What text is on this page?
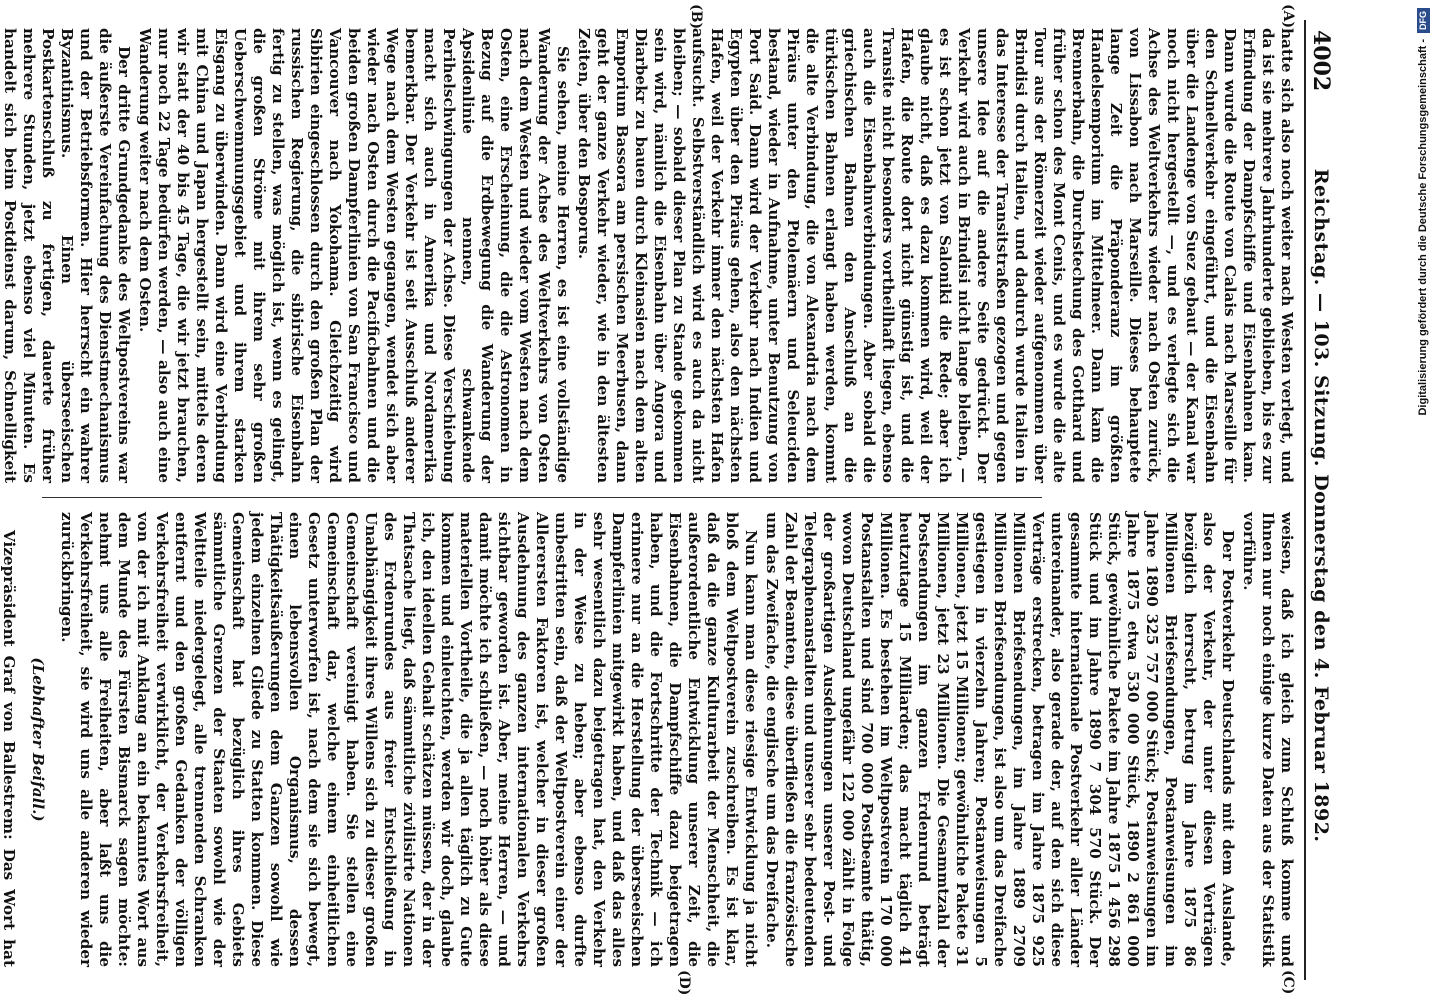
4002
Reichstag. — 103. Sitzung. Donnerstag den 4. Februar 1892.
(A)
(B)
(C)
(D)

hatte sich also noch weiter nach Westen verlegt, und da ist sie mehrere Jahrhunderte geblieben, bis es zur Erfindung der Dampfschiffe und Eisenbahnen kam. Dann wurde die Route von Calais nach Marseille für den Schnellverkehr eingeführt, und die Eisenbahn über die Landenge von Suez gebaut — der Kanal war noch nicht hergestellt —, und es verlegte sich die Achse des Weltverkehrs wieder nach Osten zurück, von Lissabon nach Marseille. Dieses behauptete lange Zeit die Präponderanz im größten Handelsemporium im Mittelmeer. Dann kam die Brennerbahn, die Durchstechung des Gotthard und früher schon des Mont Cenis, und es wurde die alte Tour aus der Römerzeit wieder aufgenommen über Brindisi durch Italien, und dadurch wurde Italien in das Interesse der Transitstraßen gezogen und gegen unsere Idee auf die andere Seite gedrückt. Der Verkehr wird auch in Brindisi nicht lange bleiben, — es ist schon jetzt von Saloniki die Rede; aber ich glaube nicht, daß es dazu kommen wird, weil der Hafen, die Route dort nicht günstig ist, und die Transite nicht besonders vortheilhaft liegen, ebenso auch die Eisenbahnverbindungen. Aber sobald die griechischen Bahnen den Anschluß an die türkischen Bahnen erlangt haben werden, kommt die alte Verbindung, die von Alexandria nach dem Piräus unter den Ptolemäern und Seleuciden bestand, wieder in Aufnahme, unter Benutzung von Port Said. Dann wird der Verkehr nach Indien und Egypten über den Piräus gehen, also den nächsten Hafen, weil der Verkehr immer den nächsten Hafen aufsucht. Selbstverständlich wird es auch da nicht bleiben; — sobald dieser Plan zu Stande gekommen sein wird, nämlich die Eisenbahn über Angora und Diarbekr zu bauen durch Kleinasien nach dem alten Emporium Bassora am persischen Meerbusen, dann geht der ganze Verkehr wieder, wie in den ältesten Zeiten, über den Bosporus.

Sie sehen, meine Herren, es ist eine vollständige Wanderung der Achse des Weltverkehrs von Osten nach dem Westen und wieder vom Westen nach dem Osten, eine Erscheinung, die die Astronomen in Bezug auf die Erdbewegung die Wanderung der Apsidenlinie nennen, schwankende Perihelschwingungen der Achse. Diese Verschiebung macht sich auch in Amerika und Nordamerika bemerkbar. Der Verkehr ist seit Ausschluß anderer Wege nach dem Westen gegangen, wendet sich aber wieder nach Osten durch die Pacificbahnen und die beiden großen Dampferlinien von San Francisco und Vancouver nach Yokohama. Gleichzeitig wird Sibirien eingeschlossen durch den großen Plan der russischen Regierung, die sibirische Eisenbahn fertig zu stellen, was möglich ist, wenn es gelingt, die großen Ströme mit ihrem sehr großen Ueberschwemmungsgebiet und ihrem starken Eisgang zu überwinden. Dann wird eine Verbindung mit China und Japan hergestellt sein, mittels deren wir statt der 40 bis 45 Tage, die wir jetzt brauchen, nur noch 22 Tage bedürfen werden, — also auch eine Wanderung weiter nach dem Osten.

Der dritte Grundgedanke des Weltpostvereins war die äußerste Vereinfachung des Dienstmechanismus und der Betriebsformen. Hier herrscht ein wahrer Byzantinismus. Einen überseeischen Postkartenschluß zu fertigen, dauerte früher mehrere Stunden, jetzt ebenso viel Minuten. Es handelt sich beim Postdienst darum, Schnelligkeit

weisen, daß ich gleich zum Schluß komme und Ihnen nur noch einige kurze Daten aus der Statistik vorführe.

Der Postverkehr Deutschlands mit dem Auslande, also der Verkehr, der unter diesen Verträgen bezüglich herrscht, betrug im Jahre 1875 86 Millionen Briefsendungen, Postanweisungen im Jahre 1890 325 757 000 Stück; Postanweisungen im Jahre 1875 etwa 530 000 Stück, 1890 2 861 000 Stück, gewöhnliche Pakete im Jahre 1875 1 456 298 Stück und im Jahre 1890 7 304 570 Stück. Der gesammte internationale Postverkehr aller Länder untereinander, also gerade der, auf den sich diese Verträge erstrecken, betragen im Jahre 1875 925 Millionen Briefsendungen, im Jahre 1889 2709 Millionen Briefsendungen, ist also um das Dreifache gestiegen in vierzehn Jahren; Postanweisungen 5 Millionen, jetzt 15 Millionen; gewöhnliche Pakete 31 Millionen, jetzt 23 Millionen. Die Gesammtzahl der Postsendungen im ganzen Erdenrund beträgt heutzutage 15 Milliarden; das macht täglich 41 Millionen. Es bestehen im Weltpostverein 170 000 Postanstalten und sind 700 000 Postbeamte thätig, wovon Deutschland ungefähr 122 000 zählt in Folge der großartigen Ausdehnungen unserer Post- und Telegraphenanstalten und unserer sehr bedeutenden Zahl der Beamten, diese überfließen die französische um das Zweifache, die englische um das Dreifache.

Nun kann man diese riesige Entwicklung ja nicht bloß dem Weltpostverein zuschreiben. Es ist klar, daß da die ganze Kulturarbeit der Menschheit, die außerordentliche Entwicklung unserer Zeit, die Eisenbahnen, die Dampfschiffe dazu beigetragen haben, und die Fortschritte der Technik — ich erinnere nur an die Herstellung der überseeischen Dampferlinien mitgewirkt haben, und daß das alles sehr wesentlich dazu beigetragen hat, den Verkehr in der Weise zu heben; aber ebenso durfte unbestritten sein, daß der Weltpostverein einer der Allerersten Faktoren ist, welcher in dieser großen Ausdehnung des ganzen internationalen Verkehrs sichtbar geworden ist. Aber, meine Herren, — und damit möchte ich schließen, — noch höher als diese materiellen Vortheile, die ja allen täglich zu Gute kommen und einleuchten, werden wir doch, glaube ich, den ideellen Gehalt schätzen müssen, der in der Thatsache liegt, daß sämmtliche zivilisirte Nationen des Erdenrundes aus freier Entschließung in Unabhängigkeit ihres Willens sich zu dieser großen Gemeinschaft vereinigt haben. Sie stellen eine Gemeinschaft dar, welche einem einheitlichen Gesetz unterworfen ist, nach dem sie sich bewegt, einen lebensvollen Organismus, dessen Thätigkeitsäußerungen dem Ganzen sowohl wie jedem einzelnen Gliede zu Statten kommen. Diese Gemeinschaft hat bezüglich ihres Gebiets sämmtliche Grenzen der Staaten sowohl wie der Weltteile niedergelegt, alle trennenden Schranken entfernt und den großen Gedanken der völligen Verkehrsfreiheit verwirklicht, der Verkehrsfreiheit, von der ich mit Anklang an ein bekanntes Wort aus dem Munde des Fürsten Bismarck sagen möchte: nehmt uns alle Freiheiten, aber laßt uns die Verkehrsfreiheit, sie wird uns alle anderen wieder zurückbringen.

(Lebhafter Beifall.)

Vizepräsident Graf von Ballestrem: Das Wort hat

Digitalisierung gefördert durch die Deutsche Forschungsgemeinschaft -
DFG
